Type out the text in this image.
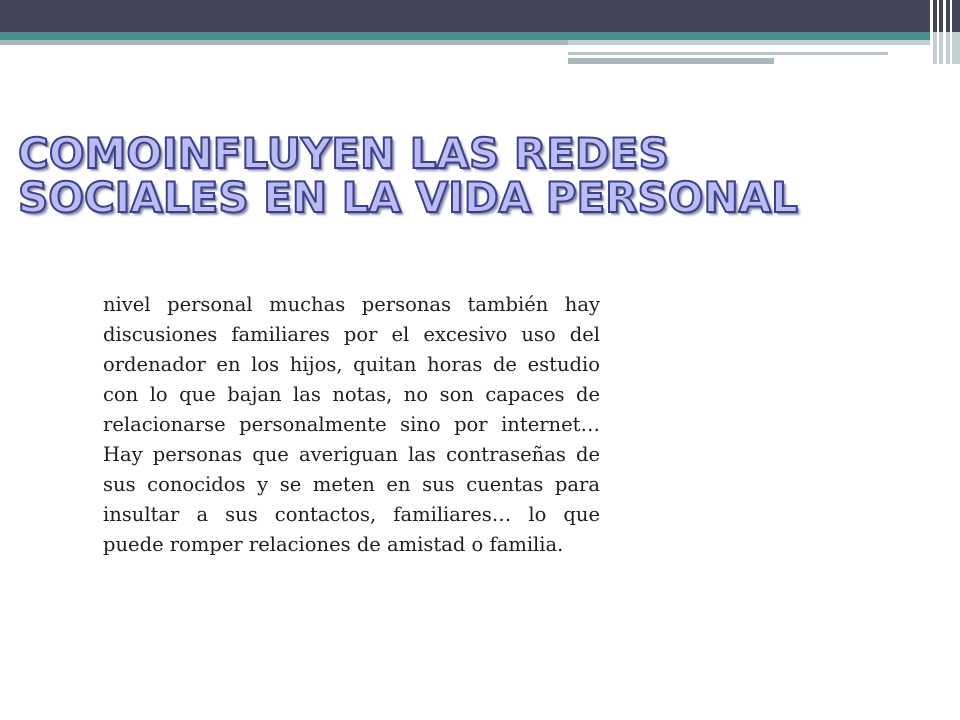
COMOINFLUYEN LAS REDES SOCIALES EN LA VIDA PERSONAL

nivel personal muchas personas también hay discusiones familiares por el excesivo uso del ordenador en los hijos, quitan horas de estudio con lo que bajan las notas, no son capaces de relacionarse personalmente sino por internet… Hay personas que averiguan las contraseñas de sus conocidos y se meten en sus cuentas para insultar a sus contactos, familiares… lo que puede romper relaciones de amistad o familia.
